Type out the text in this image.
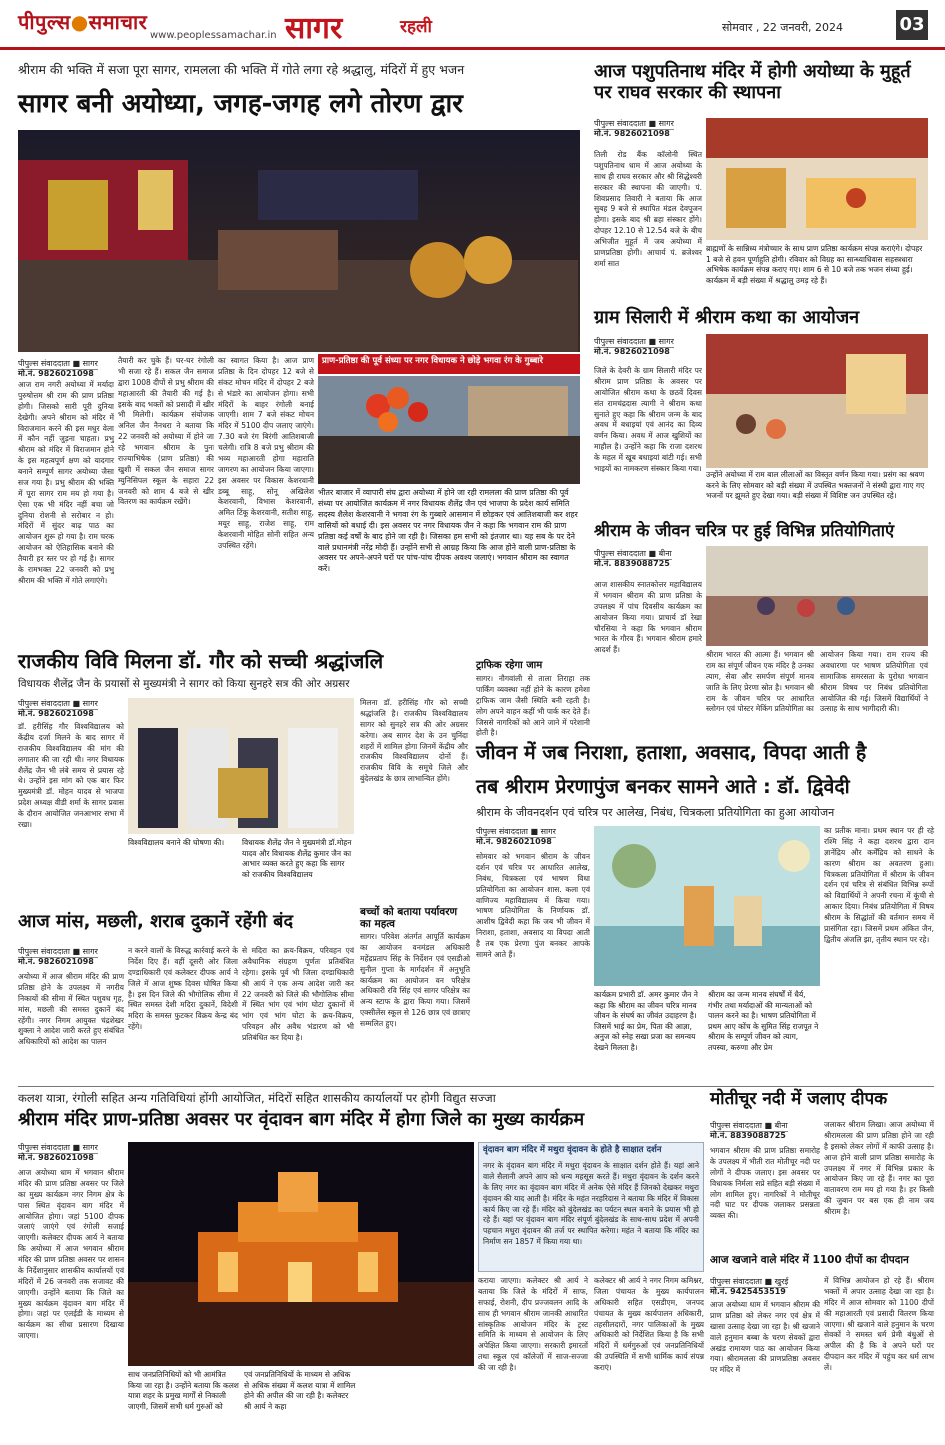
पीपुल्स●समाचार
www.peoplessamachar.in सागर	रहली	सोमवार , 22 जनवरी, 2024	03
श्रीराम की भक्ति में सजा पूरा सागर, रामलला की भक्ति में गोते लगा रहे श्रद्धालु, मंदिरों में हुए भजन
सागर बनी अयोध्या, जगह-जगह लगे तोरण द्वार
पीपुल्स संवाददाता ■ सागर
मो.नं. 9826021098
आज राम नगरी अयोध्या में मर्यादा पुरुषोत्तम श्री राम की प्राण प्रतिष्ठा होगी। जिसको सारी पूरी दुनिया देखेगी। अपने श्रीराम को मंदिर में विराजमान करने की इस मधुर वेला में कौन नहीं जुड़ना चाहता। प्रभु श्रीराम को मंदिर में विराजमान होने के इस महत्वपूर्ण क्षण को यादगार बनाने सम्पूर्ण सागर अयोध्या जैसा सज गया है। प्रभु श्रीराम की भक्ति में पूरा सागर राम मय हो गया है। ऐसा एक भी मंदिर नहीं बचा जो दुनिया रोशनी से सरोबार न हो। मंदिरों में सुंदर बाढ़ पाठ का आयोजन शुरू हो गया है। राम चरक आयोजन को ऐतिहासिक बनाने की तैयारी हर स्तर पर हो गई है। सागर के रामभक्त 22 जनवरी को प्रभु श्रीराम की भक्ति में गोते लगाएंगे।
तैयारी कर चुके हैं। घर-घर रंगोली भी सजा रहे हैं। सकल जैन समाज द्वारा 1008 दीपों से प्रभु श्रीराम की महाआरती की तैयारी की गई है। इसके बाद भक्तों को प्रसादी में खीर भी मिलेगी। कार्यक्रम संयोजक अनिल जैन नैनधरा ने बताया कि 22 जनवरी को अयोध्या में होने जा रहे भगवान श्रीराम के पुनः राज्याभिषेक (प्राण प्रतिष्ठा) की खुशी में सकल जैन समाज सागर म्युनिसिपल स्कूल के सहारा 22 जनवरी को शाम 4 बजे से खीर वितरण का कार्यक्रम रखेंगे।
का स्वागत किया है। आज प्राण प्रतिष्ठा के दिन दोपहर 12 बजे से संकट मोचन मंदिर में दोपहर 2 बजे से भंडारे का आयोजन होगा। सभी मंदिरों के बाहर रंगोली बनाई जाएगी। शाम 7 बजे संकट मोचन मंदिर में 5100 दीप जलाए जाएंगे। 7.30 बजे रंग बिरंगी आतिशबाजी चलेगी। रात्रि 8 बजे प्रभु श्रीराम की भव्य महाआरती होगा महाराति जागरण का आयोजन किया जाएगा। इस अवसर पर विकास केशरवानी डब्बू साहू, सोनू अखिलेश केशरवानी, विभास केशरवानी, अमित टिंकू केशरवानी, सतीश साहू, मयूर साहू, राजेश साहू, राम केशरवानी मोहित सोनी सहित अन्य उपस्थित रहेंगे।
प्राण-प्रतिष्ठा की पूर्व संध्या पर नगर विधायक ने छोड़े भगवा रंग के गुब्बारे
भीतर बाजार में व्यापारी संघ द्वारा अयोध्या में होने जा रही रामलला की प्राण प्रतिष्ठा की पूर्व संध्या पर आयोजित कार्यक्रम में नगर विधायक शैलेंद्र जैन एवं भाजपा के प्रदेश कार्य समिति सदस्य शैलेश केशरवानी ने भगवा रंग के गुब्बारे आसमान में छोड़कर एवं आतिशबाजी कर शहर वासियों को बधाई दी। इस अवसर पर नगर विधायक जैन ने कहा कि भगवान राम की प्राण प्रतिष्ठा कई वर्षों के बाद होने जा रही है। जिसका हम सभी को इंतजार था। यह सब के पर देने वाले प्रधानमंत्री नरेंद्र मोदी हैं। उन्होंने सभी से आग्रह किया कि आज होने वाली प्राण-प्रतिष्ठा के अवसर पर अपने-अपने घरों पर पांच-पांच दीपक अवश्य जलाएं। भगवान श्रीराम का स्वागत करें।
आज पशुपतिनाथ मंदिर में होगी अयोध्या के मुहूर्त पर राघव सरकार की स्थापना
पीपुल्स संवाददाता ■ सागर
मो.नं. 9826021098
तिली रोड बैंक कॉलोनी स्थित पशुपतिनाथ धाम में आज अयोध्या के साथ ही राघव सरकार और श्री सिद्धेश्वरी सरकार की स्थापना की जाएगी। पं. शिवप्रसाद तिवारी ने बताया कि आज सुबह 9 बजे से स्थापित मंडल देवपूजन होगा। इसके बाद श्री ब्रहा संस्कार होंगे। दोपहर 12.10 से 12.54 बजे के बीच अभिजीत मुहूर्त में जब अयोध्या में प्राणप्रतिष्ठा होगी। आचार्य पं. ब्रजेश्वर शर्मा सात
ब्राह्मणों के सान्निध्य मंत्रोच्चार के साथ प्राण प्रतिष्ठा कार्यक्रम संपन्न कराएंगे। दोपहर 1 बजे से हवन पूर्णाहुति होगी। रविवार को विग्रह का सान्ध्याधिवास सहस्त्रधारा अभिषेक कार्यक्रम संपन्न कराए गए। शाम 6 से 10 बजे तक भजन संध्या हुई। कार्यक्रम में बड़ी संख्या में श्रद्धालु उमड़ रहे हैं।
ग्राम सिलारी में श्रीराम कथा का आयोजन
पीपुल्स संवाददाता ■ सागर
मो.नं. 9826021098
जिले के देवरी के ग्राम सिलारी मंदिर पर श्रीराम प्राण प्रतिष्ठा के अवसर पर आयोजित श्रीराम कथा के छठवें दिवस संत रामचंद्रदास त्यागी ने श्रीराम कथा सुनाते हुए कहा कि श्रीराम जन्म के बाद अवध में बधाइयां एवं आनंद का दिव्य वर्णन किया। अवध में आज खुशियों का माहौल है। उन्होंने कहा कि राजा दशरथ के महल में खूब बधाइयां बांटी गई। सभी भाइयों का नामकरण संस्कार किया गया।
उन्होंने अयोध्या में राम बाल लीलाओं का विस्तृत वर्णन किया गया। प्रसंग का श्रवण करने के लिए सोमवार को बड़ी संख्या में उपस्थित भक्तजनों ने संस्थी द्वारा गाए गए भजनों पर झूमते हुए देखा गया। बड़ी संख्या में विशिष्ट जन उपस्थित रहे।
श्रीराम के जीवन चरित्र पर हुई विभिन्न प्रतियोगिताएं
पीपुल्स संवाददाता ■ बीना
मो.नं. 8839088725
आज शासकीय स्नातकोत्तर महाविद्यालय में भगवान श्रीराम की प्राण प्रतिष्ठा के उपलक्ष्य में पांच दिवसीय कार्यक्रम का आयोजन किया गया। प्राचार्य डॉ रेखा चौरसिया ने कहा कि भगवान श्रीराम भारत के गौरव हैं। भगवान श्रीराम हमारे आदर्श हैं।
श्रीराम भारत की आत्मा हैं। भगवान श्री राम का संपूर्ण जीवन एक मंदिर है उनका त्याग, सेवा और समर्पण संपूर्ण मानव जाति के लिए प्रेरणा स्रोत है। भगवान श्री राम के जीवन चरित्र पर आधारित स्लोगन एवं पोस्टर मेकिंग प्रतियोगिता का
आयोजन किया गया। राम राज्य की अवधारणा पर भाषण प्रतियोगिता एवं सामाजिक समरसता के पुरोधा भगवान श्रीराम विषय पर निबंध प्रतियोगिता आयोजित की गई। जिसमें विद्यार्थियों ने उत्साह के साथ भागीदारी की।
राजकीय विवि मिलना डॉ. गौर को सच्ची श्रद्धांजलि
विधायक शैलेंद्र जैन के प्रयासों से मुख्यमंत्री ने सागर को किया सुनहरे सत्र की ओर अग्रसर
पीपुल्स संवाददाता ■ सागर
मो.नं. 9826021098
डॉ. हरीसिंह गौर विश्वविद्यालय को केंद्रीय दर्जा मिलने के बाद सागर में राजकीय विश्वविद्यालय की मांग की लगातार की जा रही थी। नगर विधायक शैलेंद्र जैन भी लंबे समय से प्रयास रहे थे। उन्होंने इस मांग को एक बार फिर मुख्यमंत्री डॉ. मोहन यादव से भाजपा प्रदेश अध्यक्ष वीडी शर्मा के सागर प्रवास के दौरान आयोजित जनआभार सभा में रखा।
विश्वविद्यालय बनाने की घोषणा की।	विधायक शैलेंद्र जैन ने मुख्यमंत्री डॉ.मोहन यादव और विधायक शैलेंद्र कुमार जैन का आभार व्यक्त करते हुए कहा कि सागर को राजकीय विश्वविद्यालय
मिलना डॉ. हरीसिंह गौर को सच्ची श्रद्धांजलि है। राजकीय विश्वविद्यालय सागर को सुनहरे सत्र की ओर अग्रसर करेगा। अब सागर देश के उन चुनिंदा शहरों में शामिल होगा जिनमें केंद्रीय और राजकीय विश्वविद्यालय दोनों हैं। राजकीय विवि के समूचे जिले और बुंदेलखंड के छात्र लाभान्वित होंगे।
ट्राफिक रहेगा जाम
सागर। नौगवांली से ताला तिराहा तक पार्किंग व्यवस्था नहीं होने के कारण हमेशा ट्राफिक जाम जैसी स्थिति बनी रहती है। लोग अपने वाहन कहीं भी पार्क कर देते हैं। जिससे नागरिकों को आने जाने में परेशानी होती है।
जीवन में जब निराशा, हताशा, अवसाद, विपदा आती है
तब श्रीराम प्रेरणापुंज बनकर सामने आते : डॉ. द्विवेदी
श्रीराम के जीवनदर्शन एवं चरित्र पर आलेख, निबंध, चित्रकला प्रतियोगिता का हुआ आयोजन
पीपुल्स संवाददाता ■ सागर
मो.नं. 9826021098
सोमवार को भगवान श्रीराम के जीवन दर्शन एवं चरित्र पर आधारित आलेख, निबंध, चित्रकला एवं भाषण विधा प्रतियोगिता का आयोजन शास. कला एवं वाणिज्य महाविद्यालय में किया गया। भाषण प्रतियोगिता के निर्णायक डॉ. आशीष द्विवेदी कहा कि जब भी जीवन में निराशा, हताशा, अवसाद या विपदा आती है तब एक प्रेरणा पुंज बनकर आपके सामने आते हैं।
कार्यक्रम प्रभारी डॉ. अमर कुमार जैन ने कहा कि श्रीराम का जीवन चरित्र मानव जीवन के संघर्ष का जीवंत उदाहरण है। जिसमें भाई का प्रेम, पिता की आज्ञा, अनुज को स्नेह सखा प्रजा का समन्वय देखने मिलता है।
श्रीराम का जन्म मानव संघर्षों में धैर्य, गंभीर तथा मर्यादाओं की मान्यताओं को पालन करने का है। भाषण प्रतियोगिता में प्रथम आए कोंच के सुमित सिंह राजपूत ने श्रीराम के सम्पूर्ण जीवन को त्याग, तपस्या, करुणा और प्रेम
का प्रतीक माना। प्रथम स्थान पर ही रहे रश्मि सिंह ने कहा दशरथ द्वारा दान ज्ञानेंद्रिय और कर्मेंद्रिय को साधने के कारण श्रीराम का अवतरण हुआ। चित्रकला प्रतियोगिता में श्रीराम के जीवन दर्शन एवं चरित्र से संबंधित विभिन्न रूपों को विद्यार्थियों ने अपनी रचना में कूंची से आकार दिया। निबंध प्रतियोगिता में विषय श्रीराम के सिद्धांतों की वर्तमान समय में प्रासंगिता रहा। जिसमें प्रथम अंकित जैन, द्वितीय अंजलि झा, तृतीय स्थान पर रहे।
बच्चों को बताया पर्यावरण का महत्व
सागर। परिवेश अंतर्गत आपूर्ति कार्यक्रम का आयोजन वनमंडल अधिकारी महेंद्रप्रताप सिंह के निर्देशन एवं एसडीओ सुनील गुप्ता के मार्गदर्शन में अनुभूति कार्यक्रम का आयोजन वन परिक्षेत्र अधिकारी रवि सिंह एवं सागर परिक्षेत्र का अन्य स्टाफ के द्वारा किया गया। जिसमें एक्सीलेंस स्कूल से 126 छात्र एवं छात्राए सम्मलित हुए।
आज मांस, मछली, शराब दुकानें रहेंगी बंद
पीपुल्स संवाददाता ■ सागर
मो.नं. 9826021098
अयोध्या में आज श्रीराम मंदिर की प्राण प्रतिष्ठा होने के उपलक्ष्य में नगरीय निकायों की सीमा में स्थित पशुवध गृह, मांस, मछली की समस्त दुकानें बंद रहेंगी। नगर निगम आयुक्त चंद्रशेखर शुक्ला ने आदेश जारी करते हुए संबंधित अधिकारियों को आदेश का पालन
न करने वालों के विरुद्ध कार्रवाई करने के निर्देश दिए हैं। वहीं दूसरी ओर जिला दण्डाधिकारी एवं कलेक्टर दीपक आर्य ने जिले में आज शुष्क दिवस घोषित किया है। इस दिन जिले की भौगोलिक सीमा में स्थित समस्त देशी मदिरा दुकानें, विदेशी मदिरा के समस्त फुटकर विक्रय केन्द्र बंद रहेंगे।
से मदिरा का क्रय-विक्रय, परिवहन एवं अवैधानिक संग्रहण पूर्णतः प्रतिबंधित रहेगा। इसके पूर्व भी जिला दण्डाधिकारी श्री आर्य ने एक अन्य आदेश जारी कर 22 जनवरी को जिले की भौगोलिक सीमा में स्थित भांग एवं भांग घोटा दुकानों में भांग एवं भांग घोटा के क्रय-विक्रय, परिवहन और अवैध भंडारण को भी प्रतिबंधित कर दिया है।
कलश यात्रा, रंगोली सहित अन्य गतिविधियां होंगी आयोजित, मंदिरों सहित शासकीय कार्यालयों पर होगी विद्युत सज्जा
श्रीराम मंदिर प्राण-प्रतिष्ठा अवसर पर वृंदावन बाग मंदिर में होगा जिले का मुख्य कार्यक्रम
पीपुल्स संवाददाता ■ सागर
मो.नं. 9826021098
आज अयोध्या धाम में भगवान श्रीराम मंदिर की प्राण प्रतिष्ठा अवसर पर जिले का मुख्य कार्यक्रम नगर निगम क्षेत्र के पास स्थित वृंदावन बाग मंदिर में आयोजित होगा। जहां 5100 दीपक जलाएं जाएंगे एवं रंगोली सजाई जाएगी। कलेक्टर दीपक आर्य ने बताया कि अयोध्या में आज भगवान श्रीराम मंदिर की प्राण प्रतिष्ठा अवसर पर शासन के निर्देशानुसार शासकीय कार्यालयों एवं मंदिरों में 26 जनवरी तक सजावट की जाएगी। उन्होंने बताया कि जिले का मुख्य कार्यक्रम वृंदावन बाग मंदिर में होगा। जहां पर एलईडी के माध्यम से कार्यक्रम का सीधा प्रसारण दिखाया जाएगा।
साथ जनप्रतिनिधियों को भी आमंत्रित किया जा रहा है। उन्होंने बताया कि कलश यात्रा शहर के प्रमुख मार्गों से निकाली जाएगी, जिसमें सभी धर्म गुरुओं को
एवं जनप्रतिनिधियों के माध्यम से अधिक से अधिक संख्या में कलश यात्रा में शामिल होने की अपील की जा रही है। कलेक्टर श्री आर्य ने कहा
वृंदावन बाग मंदिर में मथुरा वृंदावन के होते है साक्षात दर्शन
नगर के वृंदावन बाग मंदिर में मथुरा वृंदावन के साक्षात दर्शन होते हैं। यहां आने वाले सैलानी अपने आप को धन्य महसूस करते हैं। मथुरा वृंदावन के दर्शन करने के लिए नगर का वृंदावन बाग मंदिर में अनेक ऐसे मंदिर हैं जिनको देखकर मथुरा वृंदावन की याद आती है। मंदिर के महंत नरहरिदास ने बताया कि मंदिर में विकास कार्य किए जा रहे हैं। मंदिर को बुंदेलखंड का पर्यटन स्थल बनाने के प्रयास भी हो रहे हैं। यहां पर वृंदावन बाग मंदिर संपूर्ण बुंदेलखंड के साथ-साथ प्रदेश में अपनी पहचान मथुरा वृंदावन की तर्ज पर स्थापित करेगा। महंत ने बताया कि मंदिर का निर्माण सन 1857 में किया गया था।
कराया जाएगा। कलेक्टर श्री आर्य ने बताया कि जिले के मंदिरों में साफ, सफाई, रोशनी, दीप प्रज्जवलन आदि के साथ ही भगवान श्रीराम जानकी आधारित सांस्कृतिक आयोजन मंदिर के ट्रस्ट समिति के माध्यम से आयोजन के लिए अपेक्षित किया जाएगा। सरकारी इमारतों तथा स्कूल एवं कॉलेजों में साज-सज्जा की जा रही है।
कलेक्टर श्री आर्य ने नगर निगम कमिश्नर, जिला पंचायत के मुख्य कार्यपालन अधिकारी सहित एसडीएम, जनपद पंचायत के मुख्य कार्यपालन अधिकारी, तहसीलदारों, नगर पालिकाओं के मुख्य अधिकारी को निर्देशित किया है कि सभी मंदिरों में धर्मगुरुओं एवं जनप्रतिनिधियों की उपस्थिति में सभी धार्मिक कार्य संपन्न कराएं।
मोतीचूर नदी में जलाए दीपक
पीपुल्स संवाददाता ■ बीना
मो.नं. 8839088725
भगवान श्रीराम की प्राण प्रतिष्ठा समारोह के उपलक्ष्य में भीती रात मोतीचूर नदी पर लोगों ने दीपक जलाए। इस अवसर पर विधायक निर्मला सप्रे सहित बड़ी संख्या में लोग शामिल हुए। नागरिकों ने मोतीचूर नदी घाट पर दीपक जलाकर प्रसन्नता व्यक्त की।
जलाकर श्रीराम लिखा। आज अयोध्या में श्रीरामलला की प्राण प्रतिष्ठा होने जा रही है इसको लेकर लोगों में काफी उत्साह है। आज होने वाली प्राण प्रतिष्ठा समारोह के उपलक्ष्य में नगर में विभिन्न प्रकार के आयोजन किए जा रहे हैं। नगर का पूरा वातावरण राम मय हो गया है। हर किसी की जुबान पर बस एक ही नाम जय श्रीराम है।
आज खजाने वाले मंदिर में 1100 दीपों का दीपदान
पीपुल्स संवाददाता ■ खुरई
मो.नं. 9425453519
आज अयोध्या धाम में भगवान श्रीराम की प्राण प्रतिष्ठा को लेकर नगर एवं क्षेत्र में खासा उत्साह देखा जा रहा है। श्री खजाने वाले हनुमान बब्बा के चरण सेवकों द्वारा अखंड रामायण पाठ का आयोजन किया गया। श्रीरामलला की प्राणप्रतिष्ठा अवसर पर मंदिर में
में विभिन्न आयोजन हो रहे हैं। श्रीराम भक्तों में अपार उत्साह देखा जा रहा है। मंदिर में आज सोमवार को 1100 दीपों की महाआरती एवं प्रसादी वितरण किया जाएगा। श्री खजाने वाले हनुमान के चरण सेवकों ने समस्त धर्म प्रेमी बंधुओं से अपील की है कि वे अपने घरों पर दीपदान कर मंदिर में पहुंच कर धर्म लाभ लें।
